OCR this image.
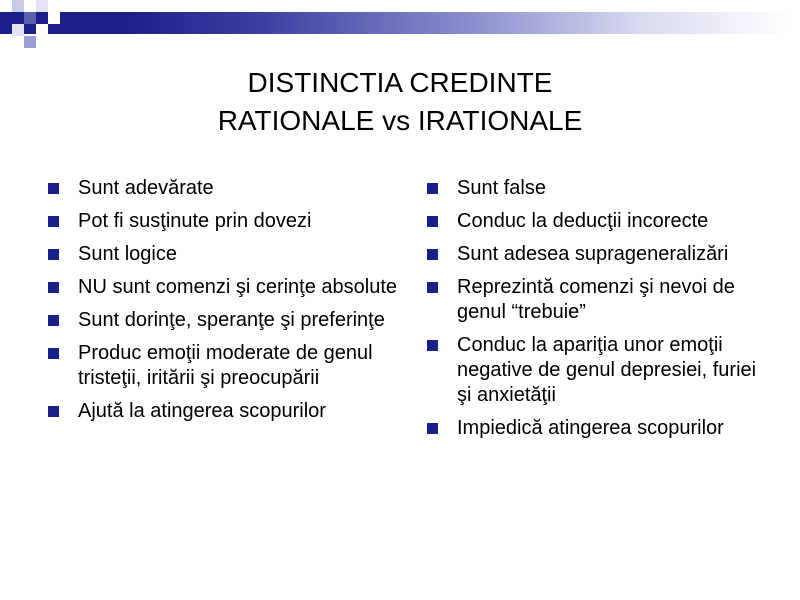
DISTINCTIA CREDINTE
RATIONALE vs IRATIONALE
Sunt adevărate
Pot fi susţinute prin dovezi
Sunt logice
NU sunt comenzi şi cerinţe absolute
Sunt dorinţe, speranţe şi preferinţe
Produc emoţii moderate de genul tristeţii, iritării şi preocupării
Ajută la atingerea scopurilor
Sunt false
Conduc la deducţii incorecte
Sunt adesea suprageneralizări
Reprezintă comenzi şi nevoi de genul “trebuie”
Conduc la apariţia unor emoţii negative de genul depresiei, furiei şi anxietăţii
Impiedică atingerea scopurilor
